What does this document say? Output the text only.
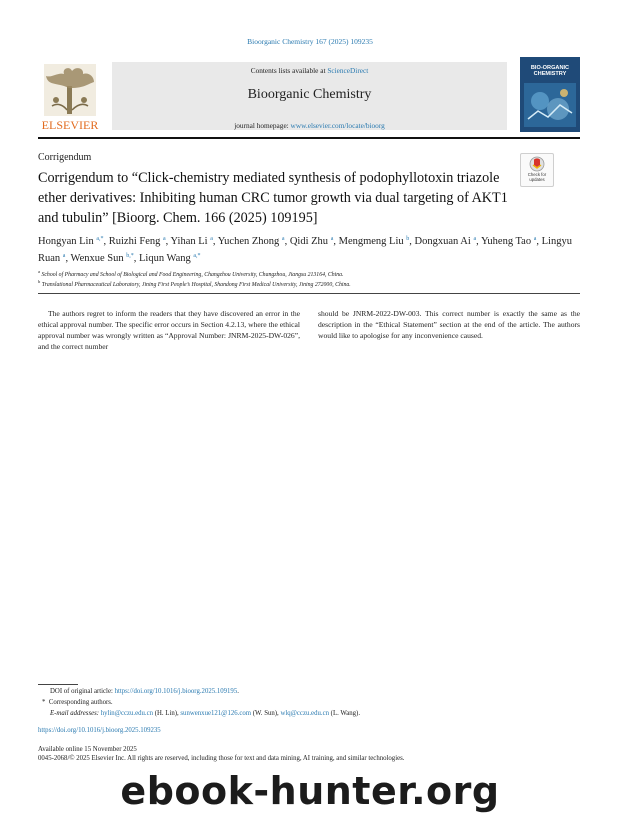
Bioorganic Chemistry 167 (2025) 109235
ELSEVIER
Contents lists available at ScienceDirect
Bioorganic Chemistry
journal homepage: www.elsevier.com/locate/bioorg
BIO-ORGANIC CHEMISTRY
Corrigendum
Check for updates
Corrigendum to “Click-chemistry mediated synthesis of podophyllotoxin triazole ether derivatives: Inhibiting human CRC tumor growth via dual targeting of AKT1 and tubulin” [Bioorg. Chem. 166 (2025) 109195]
Hongyan Lin $^{a,*}$, Ruizhi Feng $^a$, Yihan Li $^a$, Yuchen Zhong $^a$, Qidi Zhu $^a$, Mengmeng Liu $^b$, Dongxuan Ai $^a$, Yuheng Tao $^a$, Lingyu Ruan $^a$, Wenxue Sun $^{b,*}$, Liqun Wang $^{a,*}$
$^a$ School of Pharmacy and School of Biological and Food Engineering, Changzhou University, Changzhou, Jiangsu 213164, China.
$^b$ Translational Pharmaceutical Laboratory, Jining First People’s Hospital, Shandong First Medical University, Jining 272000, China.
The authors regret to inform the readers that they have discovered an error in the ethical approval number. The specific error occurs in Section 4.2.13, where the ethical approval number was wrongly written as “Approval Number: JNRM-2025-DW-026”, and the correct number
should be JNRM-2022-DW-003. This correct number is exactly the same as the description in the “Ethical Statement” section at the end of the article. The authors would like to apologise for any inconvenience caused.
DOI of original article: https://doi.org/10.1016/j.bioorg.2025.109195.
* Corresponding authors.
E-mail addresses: hylin@cczu.edu.cn (H. Lin), sunwenxue121@126.com (W. Sun), wlq@cczu.edu.cn (L. Wang).
https://doi.org/10.1016/j.bioorg.2025.109235
Available online 15 November 2025
0045-2068/© 2025 Elsevier Inc. All rights are reserved, including those for text and data mining, AI training, and similar technologies.
ebook-hunter.org
